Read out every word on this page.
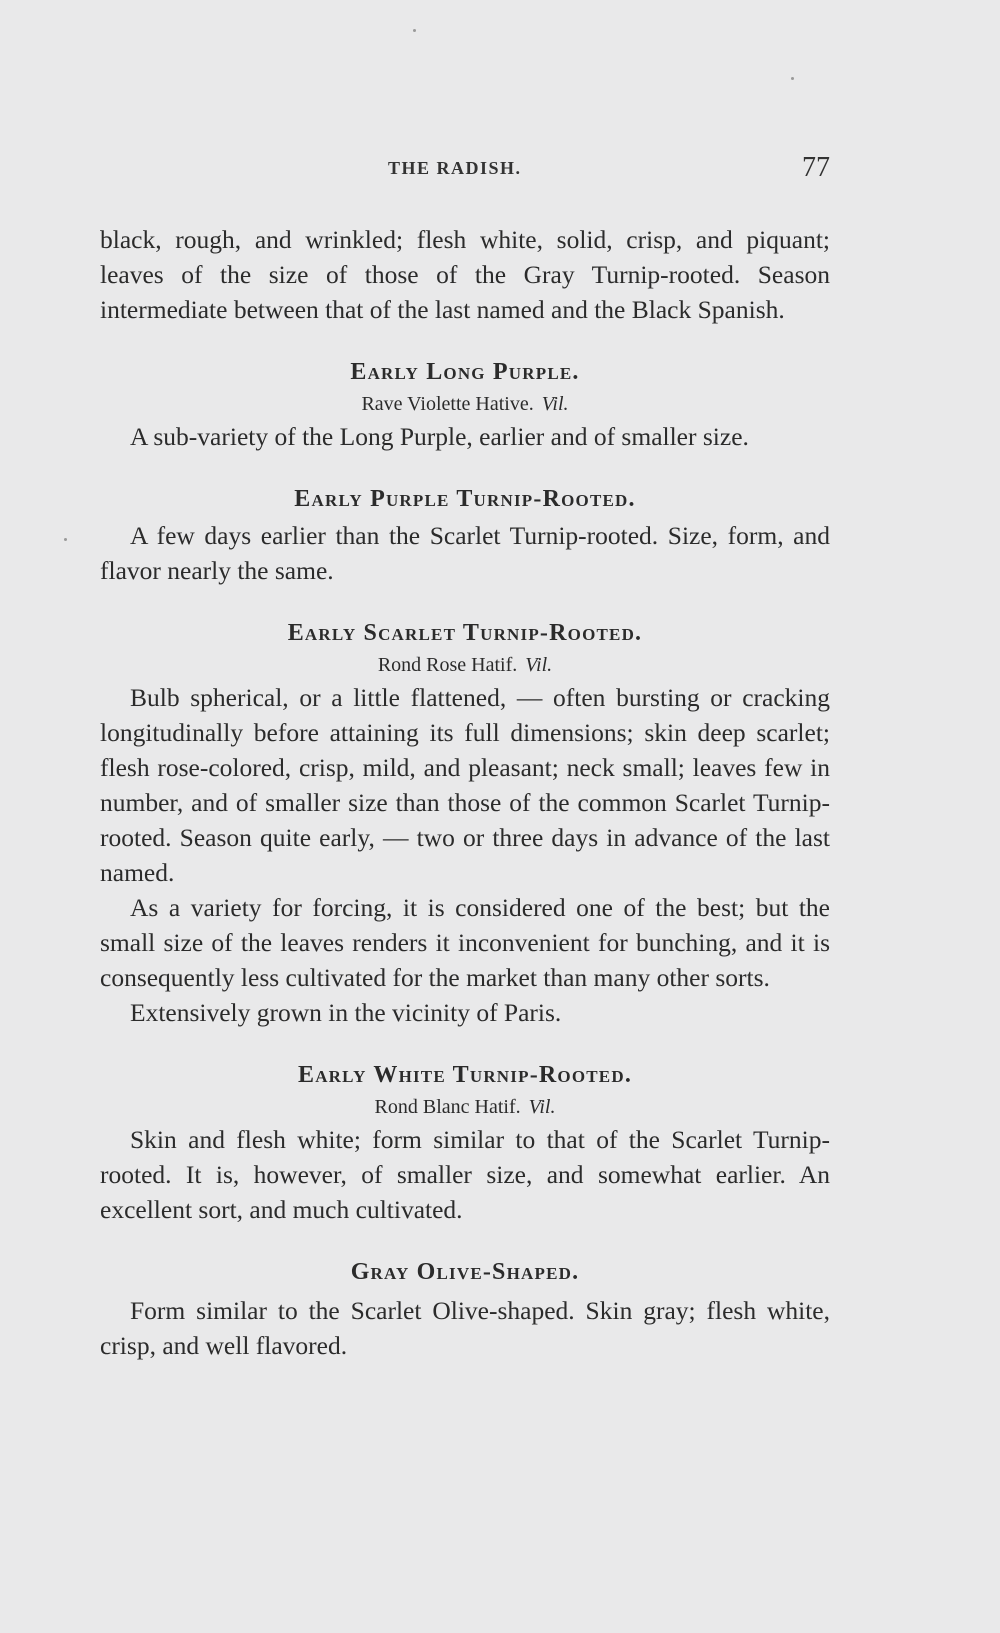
THE RADISH.	77

black, rough, and wrinkled; flesh white, solid, crisp, and piquant; leaves of the size of those of the Gray Turnip-rooted. Season intermediate between that of the last named and the Black Spanish.

Early Long Purple.
Rave Violette Hative. Vil.

A sub-variety of the Long Purple, earlier and of smaller size.

Early Purple Turnip-Rooted.

A few days earlier than the Scarlet Turnip-rooted. Size, form, and flavor nearly the same.

Early Scarlet Turnip-Rooted.
Rond Rose Hatif. Vil.

Bulb spherical, or a little flattened, — often bursting or cracking longitudinally before attaining its full dimensions; skin deep scarlet; flesh rose-colored, crisp, mild, and pleasant; neck small; leaves few in number, and of smaller size than those of the common Scarlet Turnip-rooted. Season quite early, — two or three days in advance of the last named.

As a variety for forcing, it is considered one of the best; but the small size of the leaves renders it inconvenient for bunching, and it is consequently less cultivated for the market than many other sorts.

Extensively grown in the vicinity of Paris.

Early White Turnip-Rooted.
Rond Blanc Hatif. Vil.

Skin and flesh white; form similar to that of the Scarlet Turnip-rooted. It is, however, of smaller size, and somewhat earlier. An excellent sort, and much cultivated.

Gray Olive-Shaped.

Form similar to the Scarlet Olive-shaped. Skin gray; flesh white, crisp, and well flavored.
